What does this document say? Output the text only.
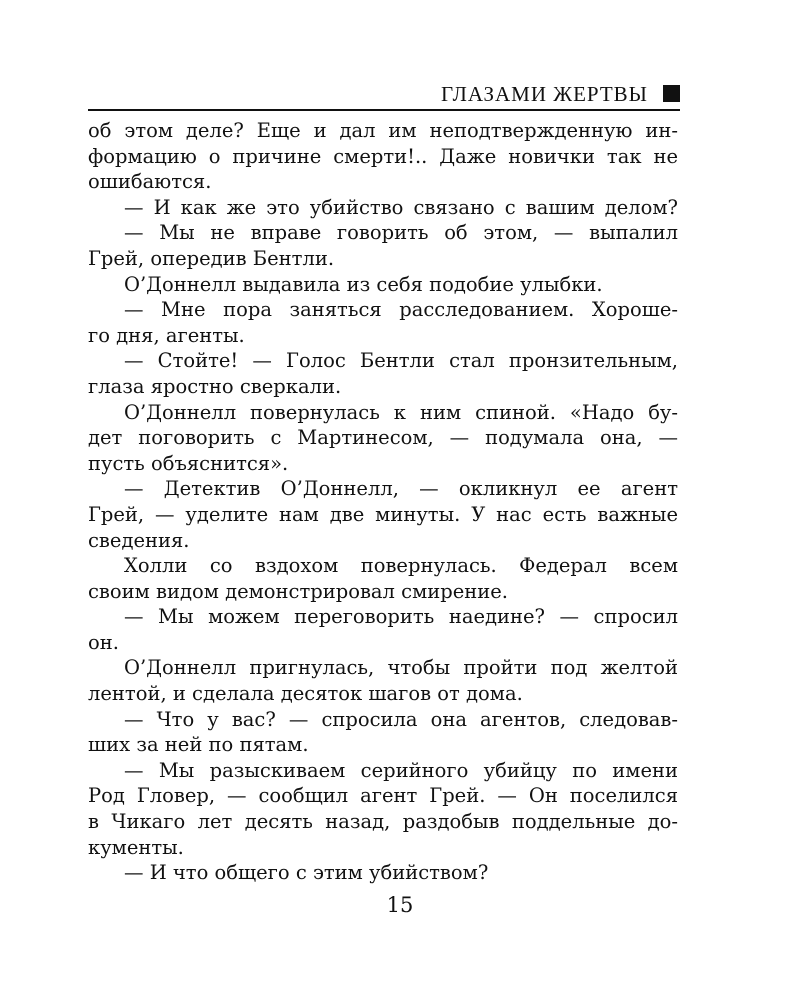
ГЛАЗАМИ ЖЕРТВЫ
об этом деле? Еще и дал им неподтвержденную ин-
формацию о причине смерти!.. Даже новички так не
ошибаются.
— И как же это убийство связано с вашим делом?
— Мы не вправе говорить об этом, — выпалил
Грей, опередив Бентли.
О’Доннелл выдавила из себя подобие улыбки.
— Мне пора заняться расследованием. Хороше-
го дня, агенты.
— Стойте! — Голос Бентли стал пронзительным,
глаза яростно сверкали.
О’Доннелл повернулась к ним спиной. «Надо бу-
дет поговорить с Мартинесом, — подумала она, —
пусть объяснится».
— Детектив О’Доннелл, — окликнул ее агент
Грей, — уделите нам две минуты. У нас есть важные
сведения.
Холли со вздохом повернулась. Федерал всем
своим видом демонстрировал смирение.
— Мы можем переговорить наедине? — спросил
он.
О’Доннелл пригнулась, чтобы пройти под желтой
лентой, и сделала десяток шагов от дома.
— Что у вас? — спросила она агентов, следовав-
ших за ней по пятам.
— Мы разыскиваем серийного убийцу по имени
Род Гловер, — сообщил агент Грей. — Он поселился
в Чикаго лет десять назад, раздобыв поддельные до-
кументы.
— И что общего с этим убийством?
15
